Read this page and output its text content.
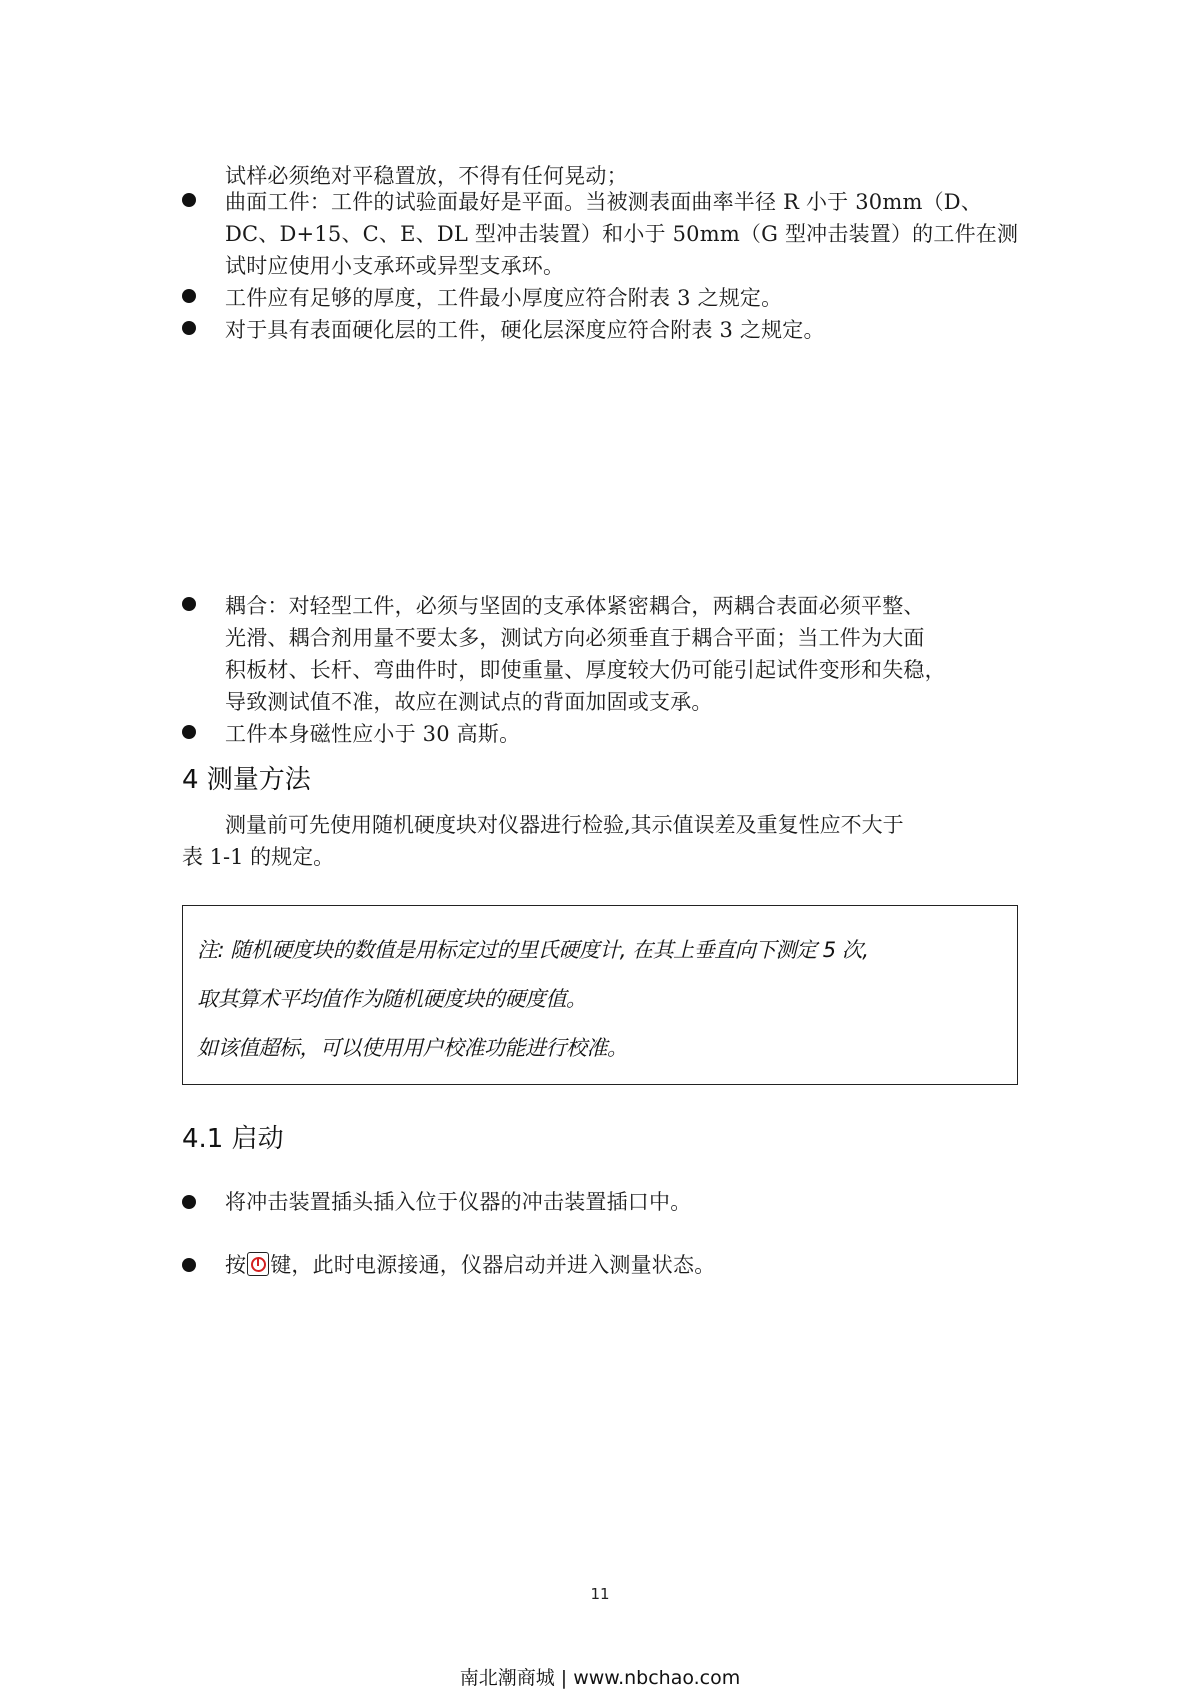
试样必须绝对平稳置放，不得有任何晃动；
曲面工件：工件的试验面最好是平面。当被测表面曲率半径 R 小于 30mm（D、
DC、D+15、C、E、DL 型冲击装置）和小于 50mm（G 型冲击装置）的工件在测
试时应使用小支承环或异型支承环。
工件应有足够的厚度，工件最小厚度应符合附表 3 之规定。
对于具有表面硬化层的工件，硬化层深度应符合附表 3 之规定。
耦合：对轻型工件，必须与坚固的支承体紧密耦合，两耦合表面必须平整、
光滑、耦合剂用量不要太多，测试方向必须垂直于耦合平面；当工件为大面
积板材、长杆、弯曲件时，即使重量、厚度较大仍可能引起试件变形和失稳，
导致测试值不准，故应在测试点的背面加固或支承。
工件本身磁性应小于 30 高斯。
4 测量方法
测量前可先使用随机硬度块对仪器进行检验,其示值误差及重复性应不大于
表 1-1 的规定。
注: 随机硬度块的数值是用标定过的里氏硬度计, 在其上垂直向下测定 5 次,
取其算术平均值作为随机硬度块的硬度值。
如该值超标，可以使用用户校准功能进行校准。
4.1 启动
将冲击装置插头插入位于仪器的冲击装置插口中。
按 键，此时电源接通，仪器启动并进入测量状态。
11
南北潮商城 | www.nbchao.com
